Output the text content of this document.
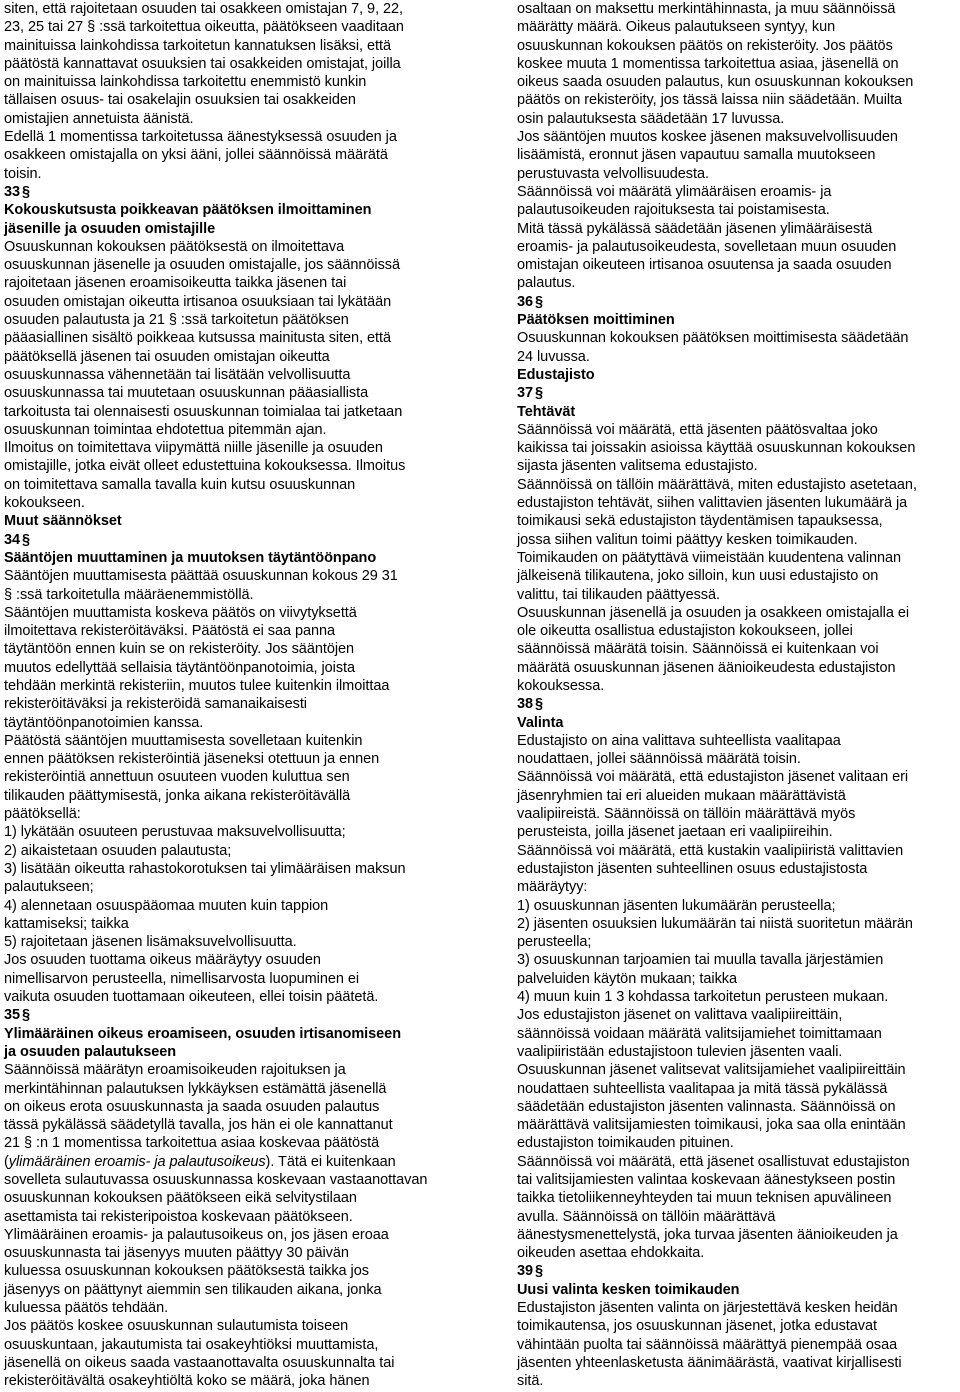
siten, että rajoitetaan osuuden tai osakkeen omistajan 7, 9, 22,
23, 25 tai 27 § :ssä tarkoitettua oikeutta, päätökseen vaaditaan
mainituissa lainkohdissa tarkoitetun kannatuksen lisäksi, että
päätöstä kannattavat osuuksien tai osakkeiden omistajat, joilla
on mainituissa lainkohdissa tarkoitettu enemmistö kunkin
tällaisen osuus- tai osakelajin osuuksien tai osakkeiden
omistajien annetuista äänistä.
Edellä 1 momentissa tarkoitetussa äänestyksessä osuuden ja
osakkeen omistajalla on yksi ääni, jollei säännöissä määrätä
toisin.
33 §
Kokouskutsusta poikkeavan päätöksen ilmoittaminen
jäsenille ja osuuden omistajille
Osuuskunnan kokouksen päätöksestä on ilmoitettava
osuuskunnan jäsenelle ja osuuden omistajalle, jos säännöissä
rajoitetaan jäsenen eroamisoikeutta taikka jäsenen tai
osuuden omistajan oikeutta irtisanoa osuuksiaan tai lykätään
osuuden palautusta ja 21 § :ssä tarkoitetun päätöksen
pääasiallinen sisältö poikkeaa kutsussa mainitusta siten, että
päätöksellä jäsenen tai osuuden omistajan oikeutta
osuuskunnassa vähennetään tai lisätään velvollisuutta
osuuskunnassa tai muutetaan osuuskunnan pääasiallista
tarkoitusta tai olennaisesti osuuskunnan toimialaa tai jatketaan
osuuskunnan toimintaa ehdotettua pitemmän ajan.
Ilmoitus on toimitettava viipymättä niille jäsenille ja osuuden
omistajille, jotka eivät olleet edustettuina kokouksessa. Ilmoitus
on toimitettava samalla tavalla kuin kutsu osuuskunnan
kokoukseen.
Muut säännökset
34 §
Sääntöjen muuttaminen ja muutoksen täytäntöönpano
Sääntöjen muuttamisesta päättää osuuskunnan kokous 29 31
§ :ssä tarkoitetulla määräenemmistöllä.
Sääntöjen muuttamista koskeva päätös on viivytyksettä
ilmoitettava rekisteröitäväksi. Päätöstä ei saa panna
täytäntöön ennen kuin se on rekisteröity. Jos sääntöjen
muutos edellyttää sellaisia täytäntöönpanotoimia, joista
tehdään merkintä rekisteriin, muutos tulee kuitenkin ilmoittaa
rekisteröitäväksi ja rekisteröidä samanaikaisesti
täytäntöönpanotoimien kanssa.
Päätöstä sääntöjen muuttamisesta sovelletaan kuitenkin
ennen päätöksen rekisteröintiä jäseneksi otettuun ja ennen
rekisteröintiä annettuun osuuteen vuoden kuluttua sen
tilikauden päättymisestä, jonka aikana rekisteröitävällä
päätöksellä:
1) lykätään osuuteen perustuvaa maksuvelvollisuutta;
2) aikaistetaan osuuden palautusta;
3) lisätään oikeutta rahastokorotuksen tai ylimääräisen maksun
palautukseen;
4) alennetaan osuuspääomaa muuten kuin tappion
kattamiseksi; taikka
5) rajoitetaan jäsenen lisämaksuvelvollisuutta.
Jos osuuden tuottama oikeus määräytyy osuuden
nimellisarvon perusteella, nimellisarvosta luopuminen ei
vaikuta osuuden tuottamaan oikeuteen, ellei toisin päätetä.
35 §
Ylimääräinen oikeus eroamiseen, osuuden irtisanomiseen
ja osuuden palautukseen
Säännöissä määrätyn eroamisoikeuden rajoituksen ja
merkintähinnan palautuksen lykkäyksen estämättä jäsenellä
on oikeus erota osuuskunnasta ja saada osuuden palautus
tässä pykälässä säädetyllä tavalla, jos hän ei ole kannattanut
21 § :n 1 momentissa tarkoitettua asiaa koskevaa päätöstä
(ylimääräinen eroamis- ja palautusoikeus). Tätä ei kuitenkaan
sovelleta sulautuvassa osuuskunnassa koskevaan vastaanottavan
osuuskunnan kokouksen päätökseen eikä selvitystilaan
asettamista tai rekisteripoistoa koskevaan päätökseen.
Ylimääräinen eroamis- ja palautusoikeus on, jos jäsen eroaa
osuuskunnasta tai jäsenyys muuten päättyy 30 päivän
kuluessa osuuskunnan kokouksen päätöksestä taikka jos
jäsenyys on päättynyt aiemmin sen tilikauden aikana, jonka
kuluessa päätös tehdään.
Jos päätös koskee osuuskunnan sulautumista toiseen
osuuskuntaan, jakautumista tai osakeyhtiöksi muuttamista,
jäsenellä on oikeus saada vastaanottavalta osuuskunnalta tai
rekisteröitävältä osakeyhtiöltä koko se määrä, joka hänen
osaltaan on maksettu merkintähinnasta, ja muu säännöissä
määrätty määrä. Oikeus palautukseen syntyy, kun
osuuskunnan kokouksen päätös on rekisteröity. Jos päätös
koskee muuta 1 momentissa tarkoitettua asiaa, jäsenellä on
oikeus saada osuuden palautus, kun osuuskunnan kokouksen
päätös on rekisteröity, jos tässä laissa niin säädetään. Muilta
osin palautuksesta säädetään 17 luvussa.
Jos sääntöjen muutos koskee jäsenen maksuvelvollisuuden
lisäämistä, eronnut jäsen vapautuu samalla muutokseen
perustuvasta velvollisuudesta.
Säännöissä voi määrätä ylimääräisen eroamis- ja
palautusoikeuden rajoituksesta tai poistamisesta.
Mitä tässä pykälässä säädetään jäsenen ylimääräisestä
eroamis- ja palautusoikeudesta, sovelletaan muun osuuden
omistajan oikeuteen irtisanoa osuutensa ja saada osuuden
palautus.
36 §
Päätöksen moittiminen
Osuuskunnan kokouksen päätöksen moittimisesta säädetään
24 luvussa.
Edustajisto
37 §
Tehtävät
Säännöissä voi määrätä, että jäsenten päätösvaltaa joko
kaikissa tai joissakin asioissa käyttää osuuskunnan kokouksen
sijasta jäsenten valitsema edustajisto.
Säännöissä on tällöin määrättävä, miten edustajisto asetetaan,
edustajiston tehtävät, siihen valittavien jäsenten lukumäärä ja
toimikausi sekä edustajiston täydentämisen tapauksessa,
jossa siihen valitun toimi päättyy kesken toimikauden.
Toimikauden on päätyttävä viimeistään kuudentena valinnan
jälkeisenä tilikautena, joko silloin, kun uusi edustajisto on
valittu, tai tilikauden päättyessä.
Osuuskunnan jäsenellä ja osuuden ja osakkeen omistajalla ei
ole oikeutta osallistua edustajiston kokoukseen, jollei
säännöissä määrätä toisin. Säännöissä ei kuitenkaan voi
määrätä osuuskunnan jäsenen äänioikeudesta edustajiston
kokouksessa.
38 §
Valinta
Edustajisto on aina valittava suhteellista vaalitapaa
noudattaen, jollei säännöissä määrätä toisin.
Säännöissä voi määrätä, että edustajiston jäsenet valitaan eri
jäsenryhmien tai eri alueiden mukaan määrättävistä
vaalipiireistä. Säännöissä on tällöin määrättävä myös
perusteista, joilla jäsenet jaetaan eri vaalipiireihin.
Säännöissä voi määrätä, että kustakin vaalipiiristä valittavien
edustajiston jäsenten suhteellinen osuus edustajistosta
määräytyy:
1) osuuskunnan jäsenten lukumäärän perusteella;
2) jäsenten osuuksien lukumäärän tai niistä suoritetun määrän
perusteella;
3) osuuskunnan tarjoamien tai muulla tavalla järjestämien
palveluiden käytön mukaan; taikka
4) muun kuin 1 3 kohdassa tarkoitetun perusteen mukaan.
Jos edustajiston jäsenet on valittava vaalipiireittäin,
säännöissä voidaan määrätä valitsijamiehet toimittamaan
vaalipiiristään edustajistoon tulevien jäsenten vaali.
Osuuskunnan jäsenet valitsevat valitsijamiehet vaalipiireittäin
noudattaen suhteellista vaalitapaa ja mitä tässä pykälässä
säädetään edustajiston jäsenten valinnasta. Säännöissä on
määrättävä valitsijamiesten toimikausi, joka saa olla enintään
edustajiston toimikauden pituinen.
Säännöissä voi määrätä, että jäsenet osallistuvat edustajiston
tai valitsijamiesten valintaa koskevaan äänestykseen postin
taikka tietoliikenneyhteyden tai muun teknisen apuvälineen
avulla. Säännöissä on tällöin määrättävä
äänestysmenettelystä, joka turvaa jäsenten äänioikeuden ja
oikeuden asettaa ehdokkaita.
39 §
Uusi valinta kesken toimikauden
Edustajiston jäsenten valinta on järjestettävä kesken heidän
toimikautensa, jos osuuskunnan jäsenet, jotka edustavat
vähintään puolta tai säännöissä määrättyä pienempää osaa
jäsenten yhteenlasketusta äänimäärästä, vaativat kirjallisesti
sitä.
